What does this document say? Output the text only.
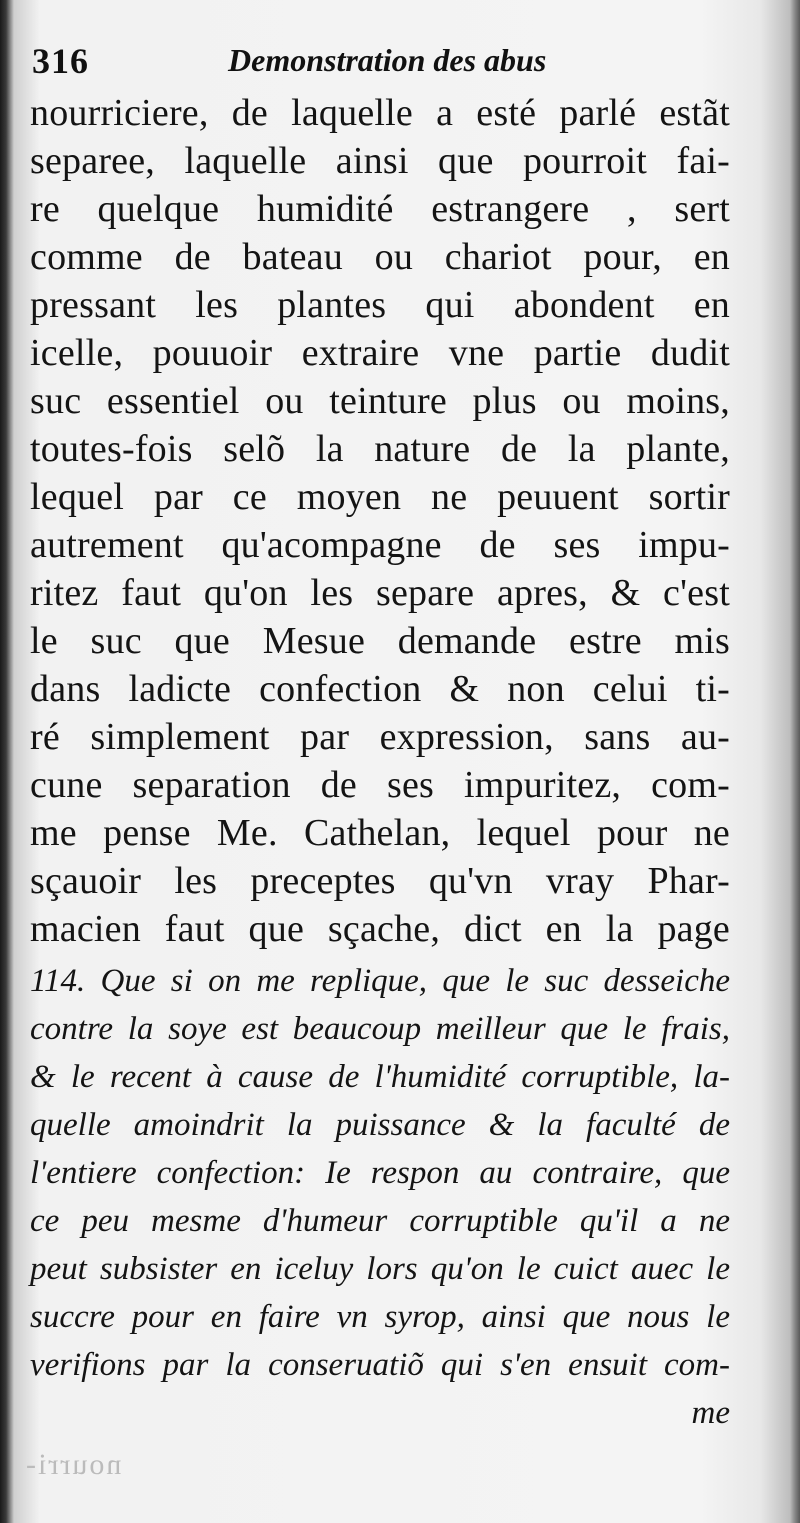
316	Demonstration des abus
nourriciere, de laquelle a esté parlé estãt
separee, laquelle ainsi que pourroit fai-
re quelque humidité estrangere , sert
comme de bateau ou chariot pour, en
pressant les plantes qui abondent en
icelle, pouuoir extraire vne partie dudit
suc essentiel ou teinture plus ou moins,
toutes-fois selõ la nature de la plante,
lequel par ce moyen ne peuuent sortir
autrement qu'acompagne de ses impu-
ritez faut qu'on les separe apres, & c'est
le suc que Mesue demande estre mis
dans ladicte confection & non celui ti-
ré simplement par expression, sans au-
cune separation de ses impuritez, com-
me pense Me. Cathelan, lequel pour ne
sçauoir les preceptes qu'vn vray Phar-
macien faut que sçache, dict en la page
114. Que si on me replique, que le suc desseiche
contre la soye est beaucoup meilleur que le frais,
& le recent à cause de l'humidité corruptible, la-
quelle amoindrit la puissance & la faculté de
l'entiere confection: Ie respon au contraire, que
ce peu mesme d'humeur corruptible qu'il a ne
peut subsister en iceluy lors qu'on le cuict auec le
succre pour en faire vn syrop, ainsi que nous le
verifions par la conseruatiõ qui s'en ensuit com-
me
nourri-
